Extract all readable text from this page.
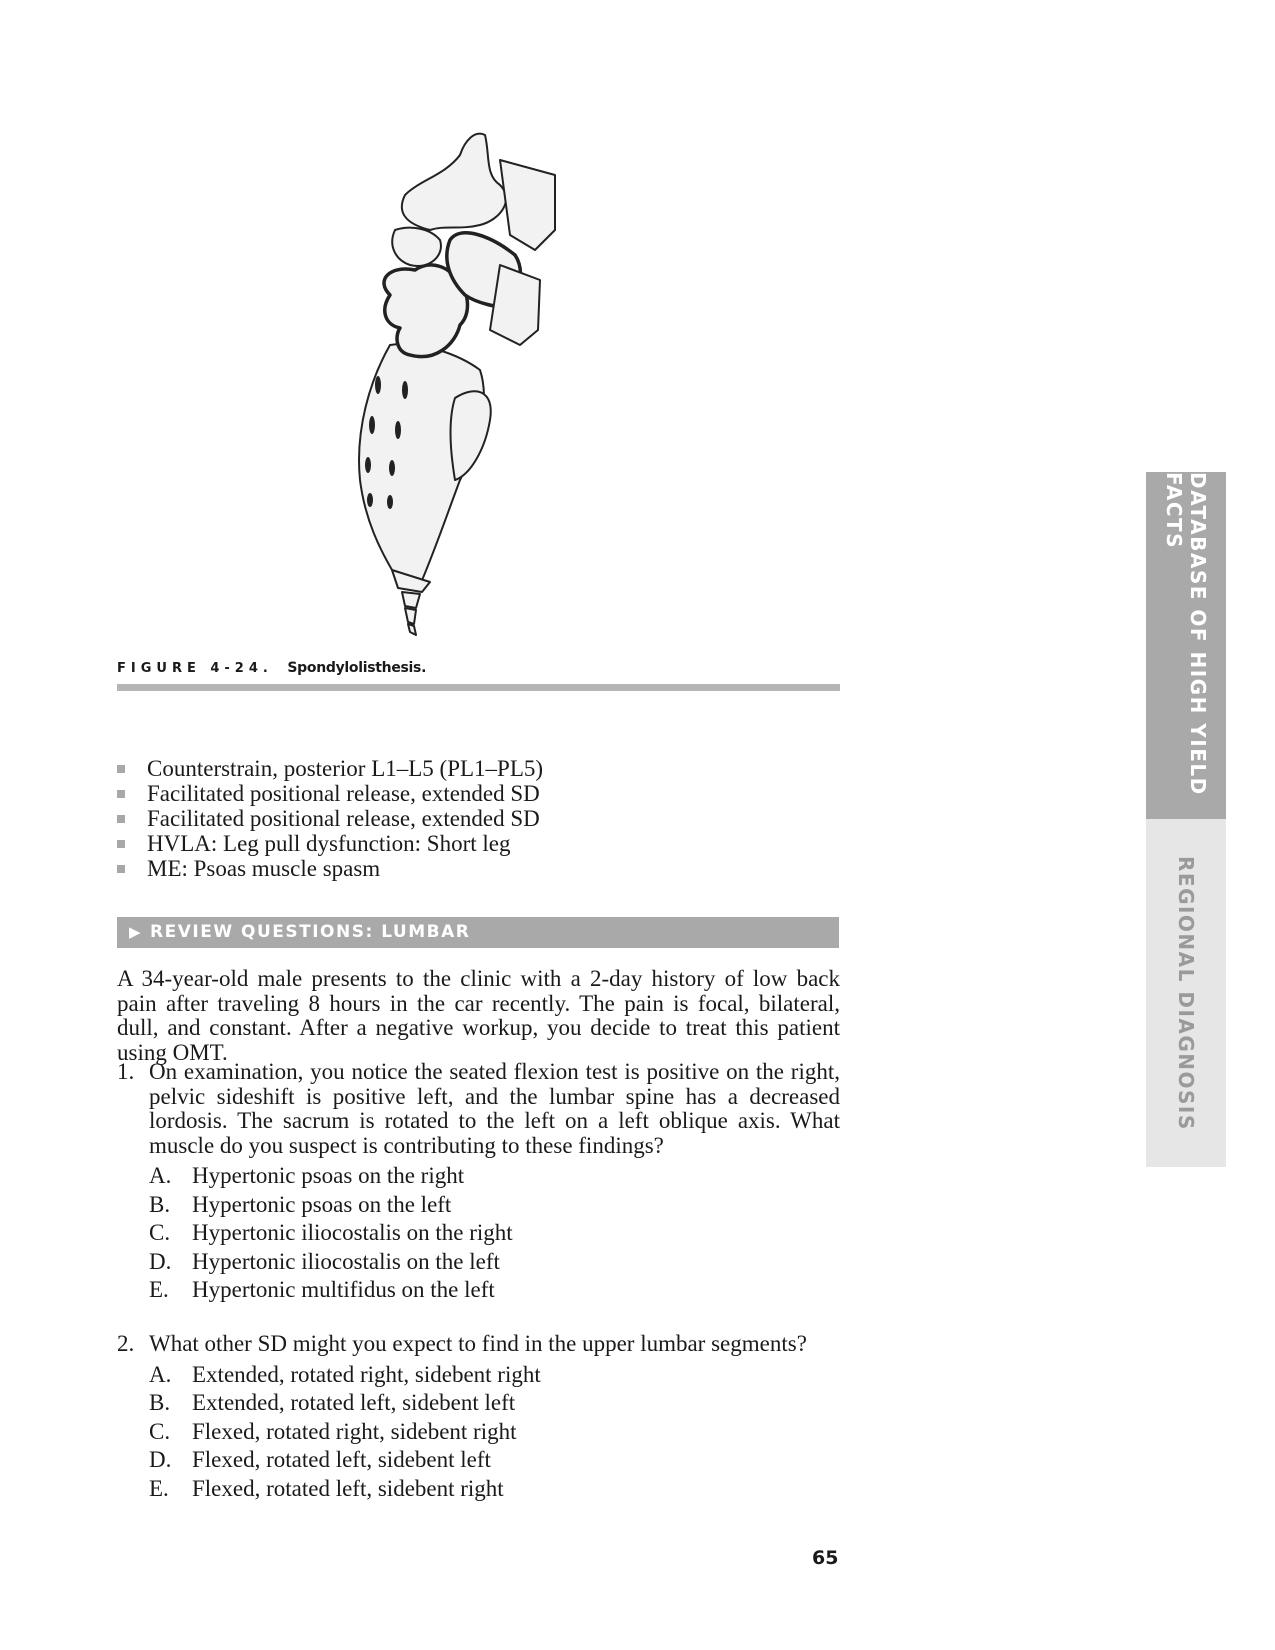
FIGURE 4-24. Spondylolisthesis.
Counterstrain, posterior L1–L5 (PL1–PL5)
Facilitated positional release, extended SD
Facilitated positional release, extended SD
HVLA: Leg pull dysfunction: Short leg
ME: Psoas muscle spasm
▶ REVIEW QUESTIONS: LUMBAR

A 34-year-old male presents to the clinic with a 2-day history of low back pain after traveling 8 hours in the car recently. The pain is focal, bilateral, dull, and constant. After a negative workup, you decide to treat this patient using OMT.

1. On examination, you notice the seated flexion test is positive on the right, pelvic sideshift is positive left, and the lumbar spine has a decreased lordosis. The sacrum is rotated to the left on a left oblique axis. What muscle do you suspect is contributing to these findings?
A. Hypertonic psoas on the right
B. Hypertonic psoas on the left
C. Hypertonic iliocostalis on the right
D. Hypertonic iliocostalis on the left
E.	Hypertonic multifidus on the left
2. What other SD might you expect to find in the upper lumbar segments?
A. Extended, rotated right, sidebent right
B. Extended, rotated left, sidebent left
C. Flexed, rotated right, sidebent right
D. Flexed, rotated left, sidebent left
E.	Flexed, rotated left, sidebent right
DATABASE OF HIGH YIELD FACTS
REGIONAL DIAGNOSIS
65
